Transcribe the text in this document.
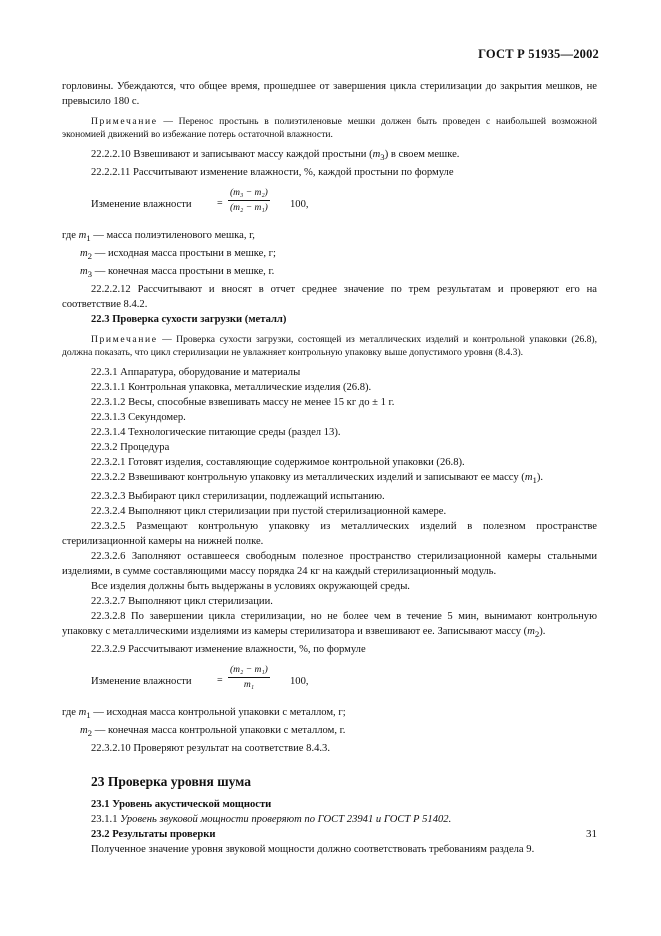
ГОСТ Р 51935—2002

горловины. Убеждаются, что общее время, прошедшее от завершения цикла стерилизации до закрытия мешков, не превысило 180 с.

Примечание — Перенос простынь в полиэтиленовые мешки должен быть проведен с наибольшей возможной экономией движений во избежание потерь остаточной влажности.

22.2.2.10 Взвешивают и записывают массу каждой простыни $(m_3)$ в своем мешке.

22.2.2.11 Рассчитывают изменение влажности, %, каждой простыни по формуле

Изменение влажности	= $\frac{\text{(m₃ − m₂)}}{\text{(m₂ − m₁)}} 100$,

где $m_1$ — масса полиэтиленового мешка, г,

$m_2$ — исходная масса простыни в мешке, г;

$m_3$ — конечная масса простыни в мешке, г.

22.2.2.12 Рассчитывают и вносят в отчет среднее значение по трем результатам и проверяют его на соответствие 8.4.2.

22.3 Проверка сухости загрузки (металл)

Примечание — Проверка сухости загрузки, состоящей из металлических изделий и контрольной упаковки (26.8), должна показать, что цикл стерилизации не увлажняет контрольную упаковку выше допустимого уровня (8.4.3).

22.3.1 Аппаратура, оборудование и материалы

22.3.1.1 Контрольная упаковка, металлические изделия (26.8).

22.3.1.2 Весы, способные взвешивать массу не менее 15 кг до ± 1 г.

22.3.1.3 Секундомер.

22.3.1.4 Технологические питающие среды (раздел 13).

22.3.2 Процедура

22.3.2.1 Готовят изделия, составляющие содержимое контрольной упаковки (26.8).

22.3.2.2 Взвешивают контрольную упаковку из металлических изделий и записывают ее массу $(m_1)$.

22.3.2.3 Выбирают цикл стерилизации, подлежащий испытанию.

22.3.2.4 Выполняют цикл стерилизации при пустой стерилизационной камере.

22.3.2.5 Размещают контрольную упаковку из металлических изделий в полезном пространстве стерилизационной камеры на нижней полке.

22.3.2.6 Заполняют оставшееся свободным полезное пространство стерилизационной камеры стальными изделиями, в сумме составляющими массу порядка 24 кг на каждый стерилизационный модуль.

Все изделия должны быть выдержаны в условиях окружающей среды.

22.3.2.7 Выполняют цикл стерилизации.

22.3.2.8 По завершении цикла стерилизации, но не более чем в течение 5 мин, вынимают контрольную упаковку с металлическими изделиями из камеры стерилизатора и взвешивают ее. Записывают массу $(m_2)$.

22.3.2.9 Рассчитывают изменение влажности, %, по формуле

Изменение влажности	= $\frac{\text{(m₂ − m₁)}}{\text{m₁}} 100$,

где $m_1$ — исходная масса контрольной упаковки с металлом, г;

$m_2$ — конечная масса контрольной упаковки с металлом, г.

22.3.2.10 Проверяют результат на соответствие 8.4.3.

23 Проверка уровня шума

23.1 Уровень акустической мощности

23.1.1 Уровень звуковой мощности проверяют по ГОСТ 23941 и ГОСТ Р 51402.

23.2 Результаты проверки

Полученное значение уровня звуковой мощности должно соответствовать требованиям раздела 9.

31
